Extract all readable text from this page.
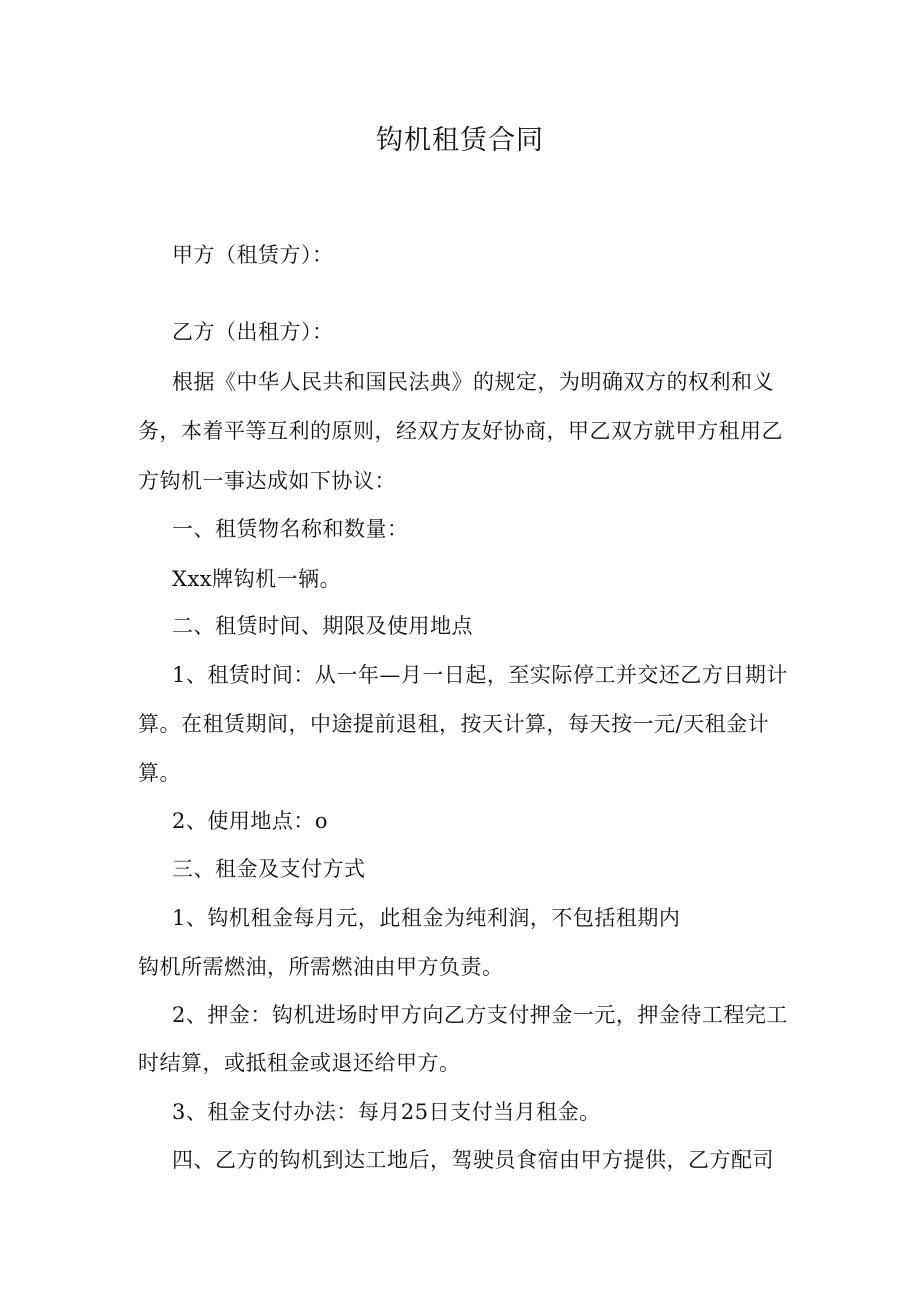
钩机租赁合同
甲方（租赁方）：
乙方（出租方）：
根据《中华人民共和国民法典》的规定，为明确双方的权利和义
务，本着平等互利的原则，经双方友好协商，甲乙双方就甲方租用乙
方钩机一事达成如下协议：
一、租赁物名称和数量：
Xxx牌钩机一辆。
二、租赁时间、期限及使用地点
1、租赁时间：从一年—月一日起，至实际停工并交还乙方日期计
算。在租赁期间，中途提前退租，按天计算，每天按一元/天租金计
算。
2、使用地点：o
三、租金及支付方式
1、钩机租金每月元，此租金为纯利润，不包括租期内
钩机所需燃油，所需燃油由甲方负责。
2、押金：钩机进场时甲方向乙方支付押金一元，押金待工程完工
时结算，或抵租金或退还给甲方。
3、租金支付办法：每月25日支付当月租金。
四、乙方的钩机到达工地后，驾驶员食宿由甲方提供，乙方配司
